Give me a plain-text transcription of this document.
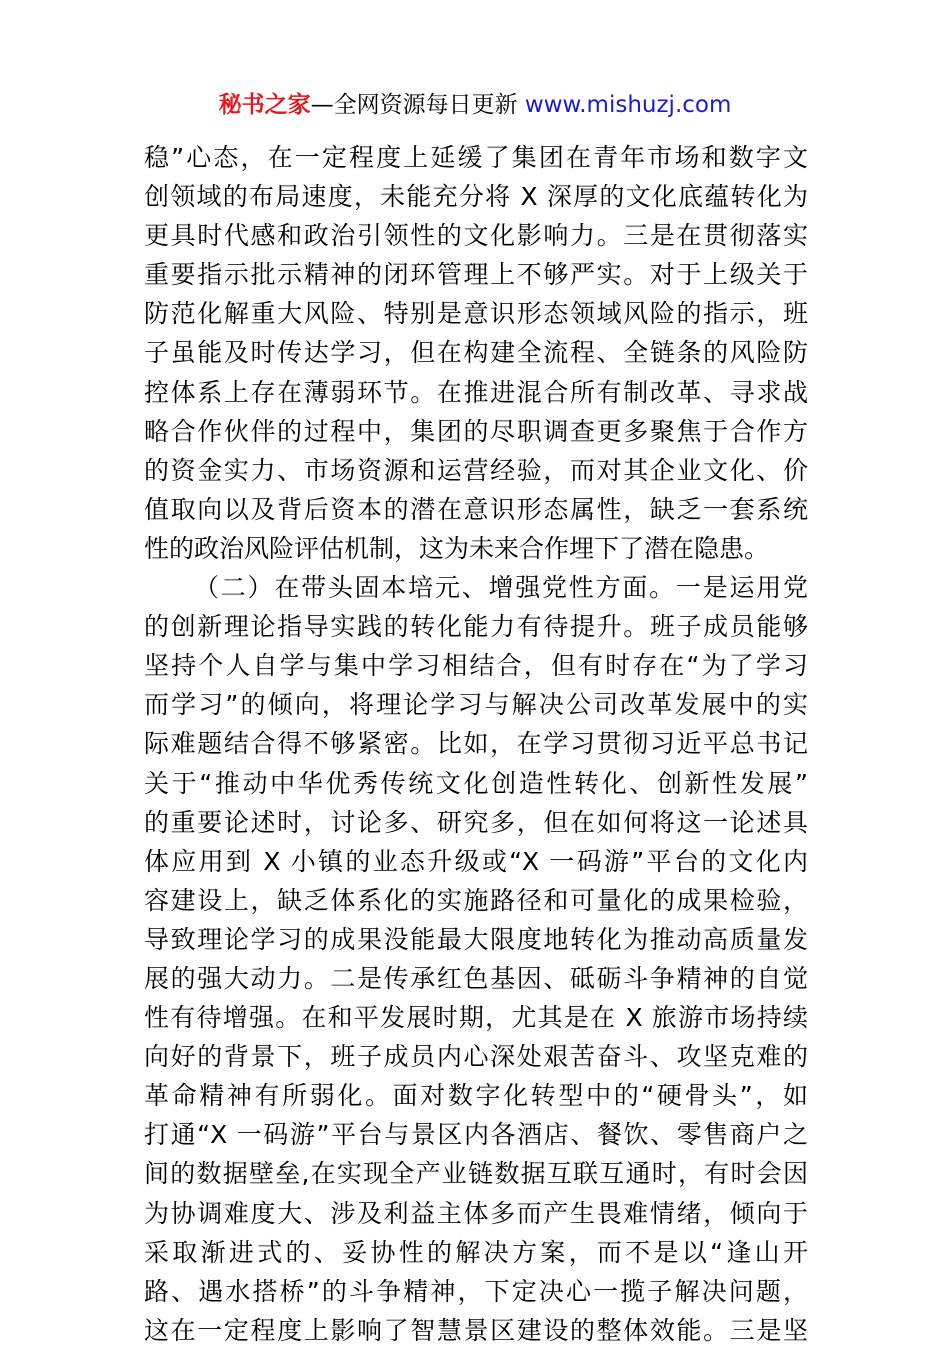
秘书之家—全网资源每日更新 www.mishuzj.com
稳”心态，在一定程度上延缓了集团在青年市场和数字文
创领域的布局速度，未能充分将 X 深厚的文化底蕴转化为
更具时代感和政治引领性的文化影响力。三是在贯彻落实
重要指示批示精神的闭环管理上不够严实。对于上级关于
防范化解重大风险、特别是意识形态领域风险的指示，班
子虽能及时传达学习，但在构建全流程、全链条的风险防
控体系上存在薄弱环节。在推进混合所有制改革、寻求战
略合作伙伴的过程中，集团的尽职调查更多聚焦于合作方
的资金实力、市场资源和运营经验，而对其企业文化、价
值取向以及背后资本的潜在意识形态属性，缺乏一套系统
性的政治风险评估机制，这为未来合作埋下了潜在隐患。
（二）在带头固本培元、增强党性方面。一是运用党
的创新理论指导实践的转化能力有待提升。班子成员能够
坚持个人自学与集中学习相结合，但有时存在“为了学习
而学习”的倾向，将理论学习与解决公司改革发展中的实
际难题结合得不够紧密。比如，在学习贯彻习近平总书记
关于“推动中华优秀传统文化创造性转化、创新性发展”
的重要论述时，讨论多、研究多，但在如何将这一论述具
体应用到 X 小镇的业态升级或“X 一码游”平台的文化内
容建设上，缺乏体系化的实施路径和可量化的成果检验，
导致理论学习的成果没能最大限度地转化为推动高质量发
展的强大动力。二是传承红色基因、砥砺斗争精神的自觉
性有待增强。在和平发展时期，尤其是在 X 旅游市场持续
向好的背景下，班子成员内心深处艰苦奋斗、攻坚克难的
革命精神有所弱化。面对数字化转型中的“硬骨头”，如
打通“X 一码游”平台与景区内各酒店、餐饮、零售商户之
间的数据壁垒,在实现全产业链数据互联互通时，有时会因
为协调难度大、涉及利益主体多而产生畏难情绪，倾向于
采取渐进式的、妥协性的解决方案，而不是以“逢山开
路、遇水搭桥”的斗争精神，下定决心一揽子解决问题，
这在一定程度上影响了智慧景区建设的整体效能。三是坚
